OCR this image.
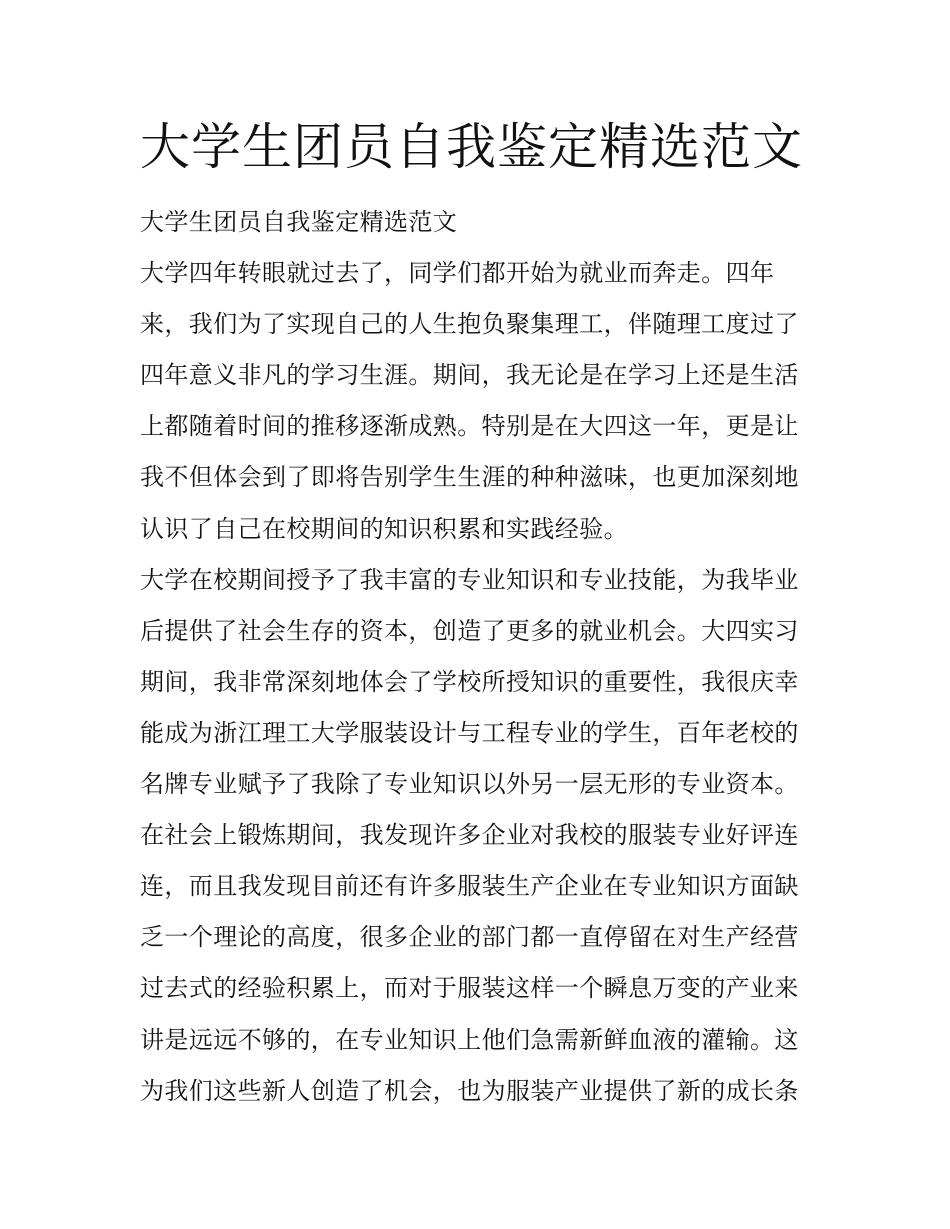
大学生团员自我鉴定精选范文
大学生团员自我鉴定精选范文
大学四年转眼就过去了，同学们都开始为就业而奔走。四年
来，我们为了实现自己的人生抱负聚集理工，伴随理工度过了
四年意义非凡的学习生涯。期间，我无论是在学习上还是生活
上都随着时间的推移逐渐成熟。特别是在大四这一年，更是让
我不但体会到了即将告别学生生涯的种种滋味，也更加深刻地
认识了自己在校期间的知识积累和实践经验。
大学在校期间授予了我丰富的专业知识和专业技能，为我毕业
后提供了社会生存的资本，创造了更多的就业机会。大四实习
期间，我非常深刻地体会了学校所授知识的重要性，我很庆幸
能成为浙江理工大学服装设计与工程专业的学生，百年老校的
名牌专业赋予了我除了专业知识以外另一层无形的专业资本。
在社会上锻炼期间，我发现许多企业对我校的服装专业好评连
连，而且我发现目前还有许多服装生产企业在专业知识方面缺
乏一个理论的高度，很多企业的部门都一直停留在对生产经营
过去式的经验积累上，而对于服装这样一个瞬息万变的产业来
讲是远远不够的，在专业知识上他们急需新鲜血液的灌输。这
为我们这些新人创造了机会，也为服装产业提供了新的成长条
